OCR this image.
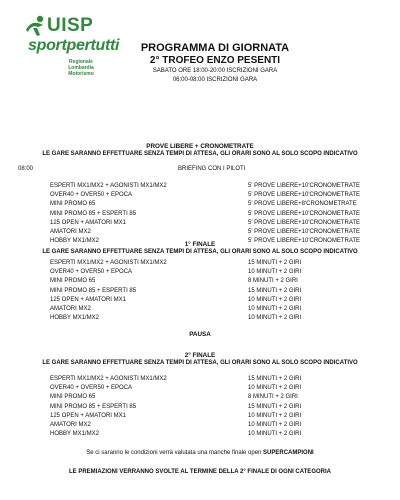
UISP
sportpertutti
Regionale Lombardia
Motorismo
PROGRAMMA DI GIORNATA
2° TROFEO ENZO PESENTI
SABATO ORE 18:00-20:00 ISCRIZIONI GARA
06:00-08:00 ISCRIZIONI GARA
PROVE LIBERE + CRONOMETRATE
LE GARE SARANNO EFFETTUARE SENZA TEMPI DI ATTESA, GLI ORARI SONO AL SOLO SCOPO INDICATIVO
08:00	BRIEFING CON I PILOTI
ESPERTI MX1/MX2 + AGONISTI MX1/MX2	5' PROVE LIBERE+10'CRONOMETRATE
OVER40 + OVER50 + EPOCA	5' PROVE LIBERE+10'CRONOMETRATE
MINI PROMO 65	5' PROVE LIBERE+8'CRONOMETRATE
MINI PROMO 85 + ESPERTI 85	5' PROVE LIBERE+10'CRONOMETRATE
125 OPEN + AMATORI MX1	5' PROVE LIBERE+10'CRONOMETRATE
AMATORI MX2	5' PROVE LIBERE+10'CRONOMETRATE
HOBBY MX1/MX2	5' PROVE LIBERE+10'CRONOMETRATE
1° FINALE
LE GARE SARANNO EFFETTUARE SENZA TEMPI DI ATTESA, GLI ORARI SONO AL SOLO SCOPO INDICATIVO
ESPERTI MX1/MX2 + AGONISTI MX1/MX2	15 MINUTI + 2 GIRI
OVER40 + OVER50 + EPOCA	10 MINUTI + 2 GIRI
MINI PROMO 65	8 MINUTI + 2 GIRI
MINI PROMO 85 + ESPERTI 85	15 MINUTI + 2 GIRI
125 OPEN + AMATORI MX1	10 MINUTI + 2 GIRI
AMATORI MX2	10 MINUTI + 2 GIRI
HOBBY MX1/MX2	10 MINUTI + 2 GIRI
PAUSA
2° FINALE
LE GARE SARANNO EFFETTUARE SENZA TEMPI DI ATTESA, GLI ORARI SONO AL SOLO SCOPO INDICATIVO
ESPERTI MX1/MX2 + AGONISTI MX1/MX2	15 MINUTI + 2 GIRI
OVER40 + OVER50 + EPOCA	10 MINUTI + 2 GIRI
MINI PROMO 65	8 MINUTI + 2 GIRI
MINI PROMO 85 + ESPERTI 85	15 MINUTI + 2 GIRI
125 OPEN + AMATORI MX1	10 MINUTI + 2 GIRI
AMATORI MX2	10 MINUTI + 2 GIRI
HOBBY MX1/MX2	10 MINUTI + 2 GIRI
Se ci saranno le condizioni verrà valutata una manche finale open SUPERCAMPIONI
LE PREMIAZIONI VERRANNO SVOLTE AL TERMINE DELLA 2° FINALE DI OGNI CATEGORIA
